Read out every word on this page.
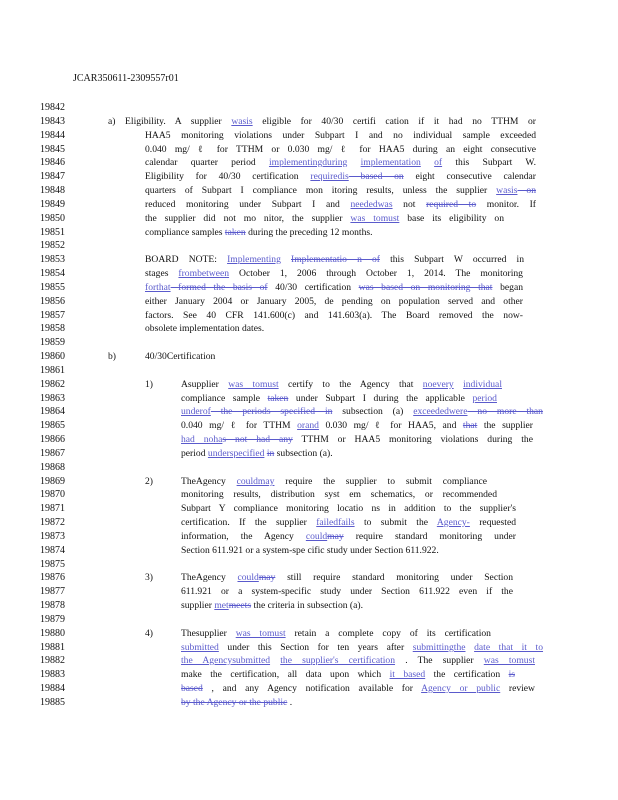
JCAR350611-2309557r01
19842
19843
19844
19845
19846
19847
19848
19849
19850
19851
19852
19853
19854
19855
19856
19857
19858
19859
19860
19861
19862
19863
19864
19865
19866
19867
19868
19869
19870
19871
19872
19873
19874
19875
19876
19877
19878
19879
19880
19881
19882
19883
19884
19885
a) Eligibility. A supplier wasis eligible for 40/30 certifi cation if it had no TTHM or
HAA5 monitoring violations under Subpart I and no individual sample exceeded
0.040 mg/ ℓ for TTHM or 0.030 mg/ ℓ for HAA5 during an eight consecutive
calendar quarter period implementingduring implementation of this Subpart W.
Eligibility for 40/30 certification requiredis based on eight consecutive calendar
quarters of Subpart I compliance mon itoring results, unless the supplier wasis on
reduced monitoring under Subpart I and neededwas not required to monitor. If
the supplier did not mo nitor, the supplier was tomust base its eligibility on
compliance samples taken during the preceding 12 months.
BOARD NOTE: Implementing Implementatio n of this Subpart W occurred in
stages frombetween October 1, 2006 through October 1, 2014. The monitoring
forthat formed the basis of 40/30 certification was based on monitoring that began
either January 2004 or January 2005, de pending on population served and other
factors. See 40 CFR 141.600(c) and 141.603(a). The Board removed the now-
obsolete implementation dates.
b)	40/30Certification
1)	Asupplier was tomust certify to the Agency that noevery individual
compliance sample taken under Subpart I during the applicable period
underof the periods specified in subsection (a) exceededwere no more than
0.040 mg/ ℓ for TTHM orand 0.030 mg/ ℓ for HAA5, and that the supplier
had nohas not had any TTHM or HAA5 monitoring violations during the
period underspecified in subsection (a).
2)	TheAgency couldmay require the supplier to submit compliance
monitoring results, distribution syst em schematics, or recommended
Subpart Y compliance monitoring locatio ns in addition to the supplier's
certification. If the supplier failedfails to submit the Agency- requested
information, the Agency couldmay require standard monitoring under
Section 611.921 or a system-spe cific study under Section 611.922.
3)	TheAgency couldmay still require standard monitoring under Section
611.921 or a system-specific study under Section 611.922 even if the
supplier metmeets the criteria in subsection (a).
4)	Thesupplier was tomust retain a complete copy of its certification
submitted under this Section for ten years after submittingthe date that it to
the Agencysubmitted the supplier's certification . The supplier was tomust
make the certification, all data upon which it based the certification is
based , and any Agency notification available for Agency or public review
by the Agency or the public .
